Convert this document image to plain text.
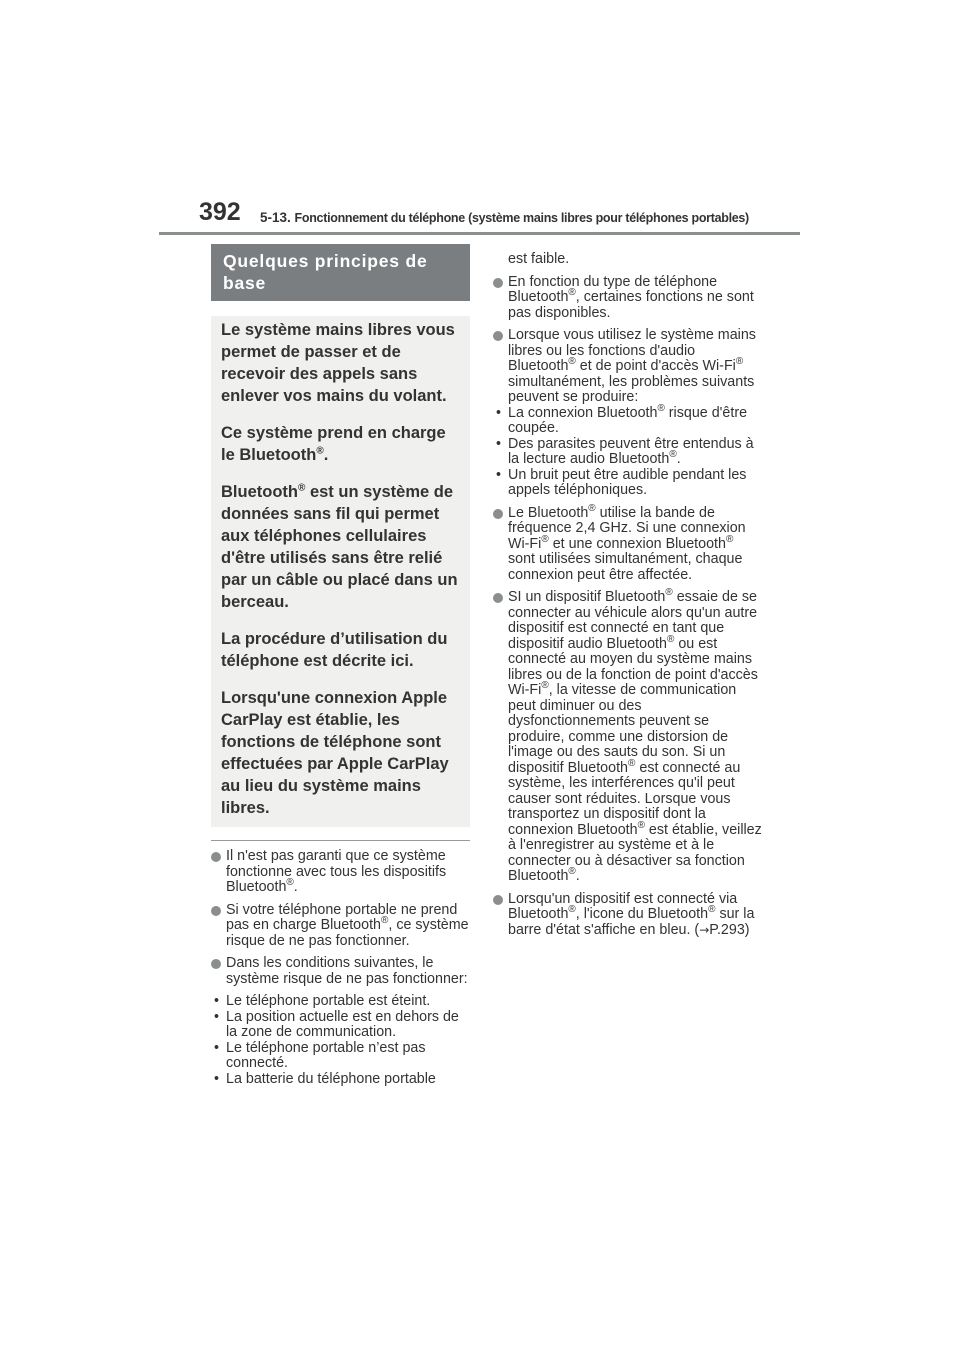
392 5-13. Fonctionnement du téléphone (système mains libres pour téléphones portables)
Quelques principes de base

Le système mains libres vous permet de passer et de recevoir des appels sans enlever vos mains du volant.

Ce système prend en charge le Bluetooth®.

Bluetooth® est un système de données sans fil qui permet aux téléphones cellulaires d'être utilisés sans être relié par un câble ou placé dans un berceau.

La procédure d’utilisation du téléphone est décrite ici.

Lorsqu'une connexion Apple CarPlay est établie, les fonctions de téléphone sont effectuées par Apple CarPlay au lieu du système mains libres.

Il n'est pas garanti que ce système fonctionne avec tous les dispositifs Bluetooth®.
Si votre téléphone portable ne prend pas en charge Bluetooth®, ce système risque de ne pas fonctionner.
Dans les conditions suivantes, le système risque de ne pas fonctionner:
• Le téléphone portable est éteint.
• La position actuelle est en dehors de la zone de communication.
• Le téléphone portable n’est pas connecté.
• La batterie du téléphone portable
est faible.
En fonction du type de téléphone Bluetooth®, certaines fonctions ne sont pas disponibles.
Lorsque vous utilisez le système mains libres ou les fonctions d'audio Bluetooth® et de point d'accès Wi-Fi® simultanément, les problèmes suivants peuvent se produire:
• La connexion Bluetooth® risque d'être coupée.
• Des parasites peuvent être entendus à la lecture audio Bluetooth®.
• Un bruit peut être audible pendant les appels téléphoniques.
Le Bluetooth® utilise la bande de fréquence 2,4 GHz. Si une connexion Wi-Fi® et une connexion Bluetooth® sont utilisées simultanément, chaque connexion peut être affectée.
SI un dispositif Bluetooth® essaie de se connecter au véhicule alors qu'un autre dispositif est connecté en tant que dispositif audio Bluetooth® ou est connecté au moyen du système mains libres ou de la fonction de point d'accès Wi-Fi®, la vitesse de communication peut diminuer ou des dysfonctionnements peuvent se produire, comme une distorsion de l'image ou des sauts du son. Si un dispositif Bluetooth® est connecté au système, les interférences qu'il peut causer sont réduites. Lorsque vous transportez un dispositif dont la connexion Bluetooth® est établie, veillez à l'enregistrer au système et à le connecter ou à désactiver sa fonction Bluetooth®.
Lorsqu'un dispositif est connecté via Bluetooth®, l'icone du Bluetooth® sur la barre d'état s'affiche en bleu. (→P.293)
